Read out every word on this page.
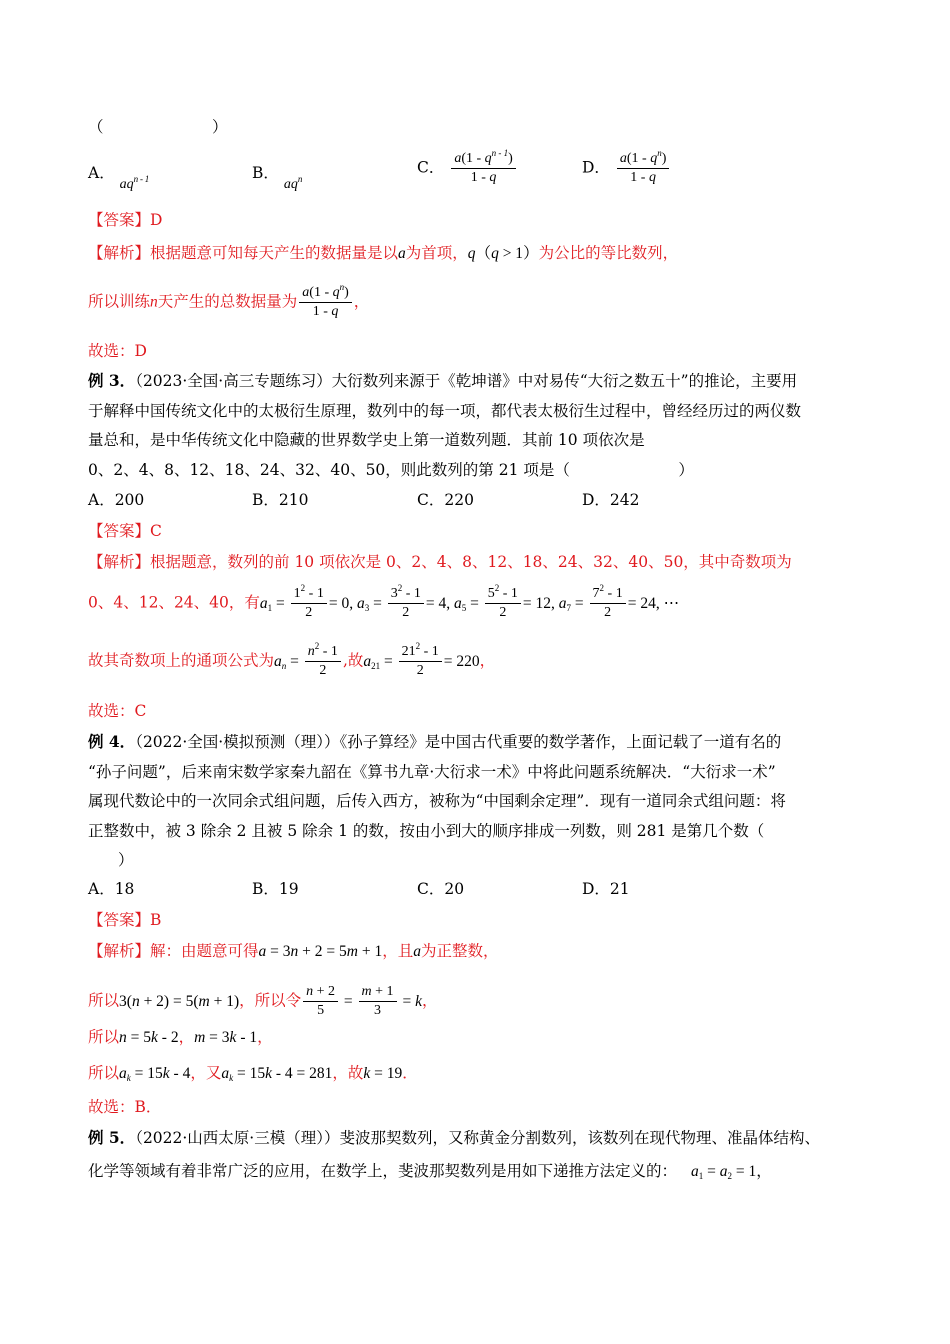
（　　　　　　　）
A． $aq^{n - 1}$	B． $aq^n$
C． $\frac{a(1 - q^{n - 1})}{1 - q}$	D． $\frac{a(1 - q^n)}{1 - q}$
【答案】D
【解析】根据题意可知每天产生的数据量是以a为首项，q（q > 1）为公比的等比数列，
所以训练n天产生的总数据量为 $\frac{a(1 - q^n)}{1 - q}$ ，
故选：D
例 3．（2023·全国·高三专题练习）大衍数列来源于《乾坤谱》中对易传“大衍之数五十”的推论，主要用
于解释中国传统文化中的太极衍生原理，数列中的每一项，都代表太极衍生过程中，曾经经历过的两仪数
量总和，是中华传统文化中隐藏的世界数学史上第一道数列题．其前 10 项依次是
0、2、4、8、12、18、24、32、40、50，则此数列的第 21 项是（　　　　　　　）
A．200	B．210	C．220	D．242
【答案】C
【解析】根据题意，数列的前 10 项依次是 0、2、4、8、12、18、24、32、40、50，其中奇数项为
0、4、12、24、40，有$a_1 = \frac{1^2 - 1}{2} = 0$, $a_3 = \frac{3^2 - 1}{2} = 4$, $a_5 = \frac{5^2 - 1}{2} = 12$, $a_7 = \frac{7^2 - 1}{2} = 24$, ⋯
故其奇数项上的通项公式为$a_n = \frac{n^2 - 1}{2}$ ,故$a_{21} = \frac{21^2 - 1}{2} = 220$，
故选：C
例 4．（2022·全国·模拟预测（理））《孙子算经》是中国古代重要的数学著作，上面记载了一道有名的
“孙子问题”，后来南宋数学家秦九韶在《算书九章·大衍求一术》中将此问题系统解决．“大衍求一术”
属现代数论中的一次同余式组问题，后传入西方，被称为“中国剩余定理”．现有一道同余式组问题：将
正整数中，被 3 除余 2 且被 5 除余 1 的数，按由小到大的顺序排成一列数，则 281 是第几个数（
）
A．18	B．19	C．20	D．21
【答案】B
【解析】解：由题意可得a = 3n + 2 = 5m + 1，且a为正整数，
所以3(n + 2) = 5(m + 1)，所以令 $\frac{n + 2}{5} = \frac{m + 1}{3} = k$，
所以n = 5k - 2，m = 3k - 1，
所以$a_k = 15k - 4$，又$a_k = 15k - 4 = 281$，故k = 19．
故选：B．
例 5．（2022·山西太原·三模（理））斐波那契数列，又称黄金分割数列，该数列在现代物理、准晶体结构、
化学等领域有着非常广泛的应用，在数学上，斐波那契数列是用如下递推方法定义的： $a_1 = a_2 = 1$，
